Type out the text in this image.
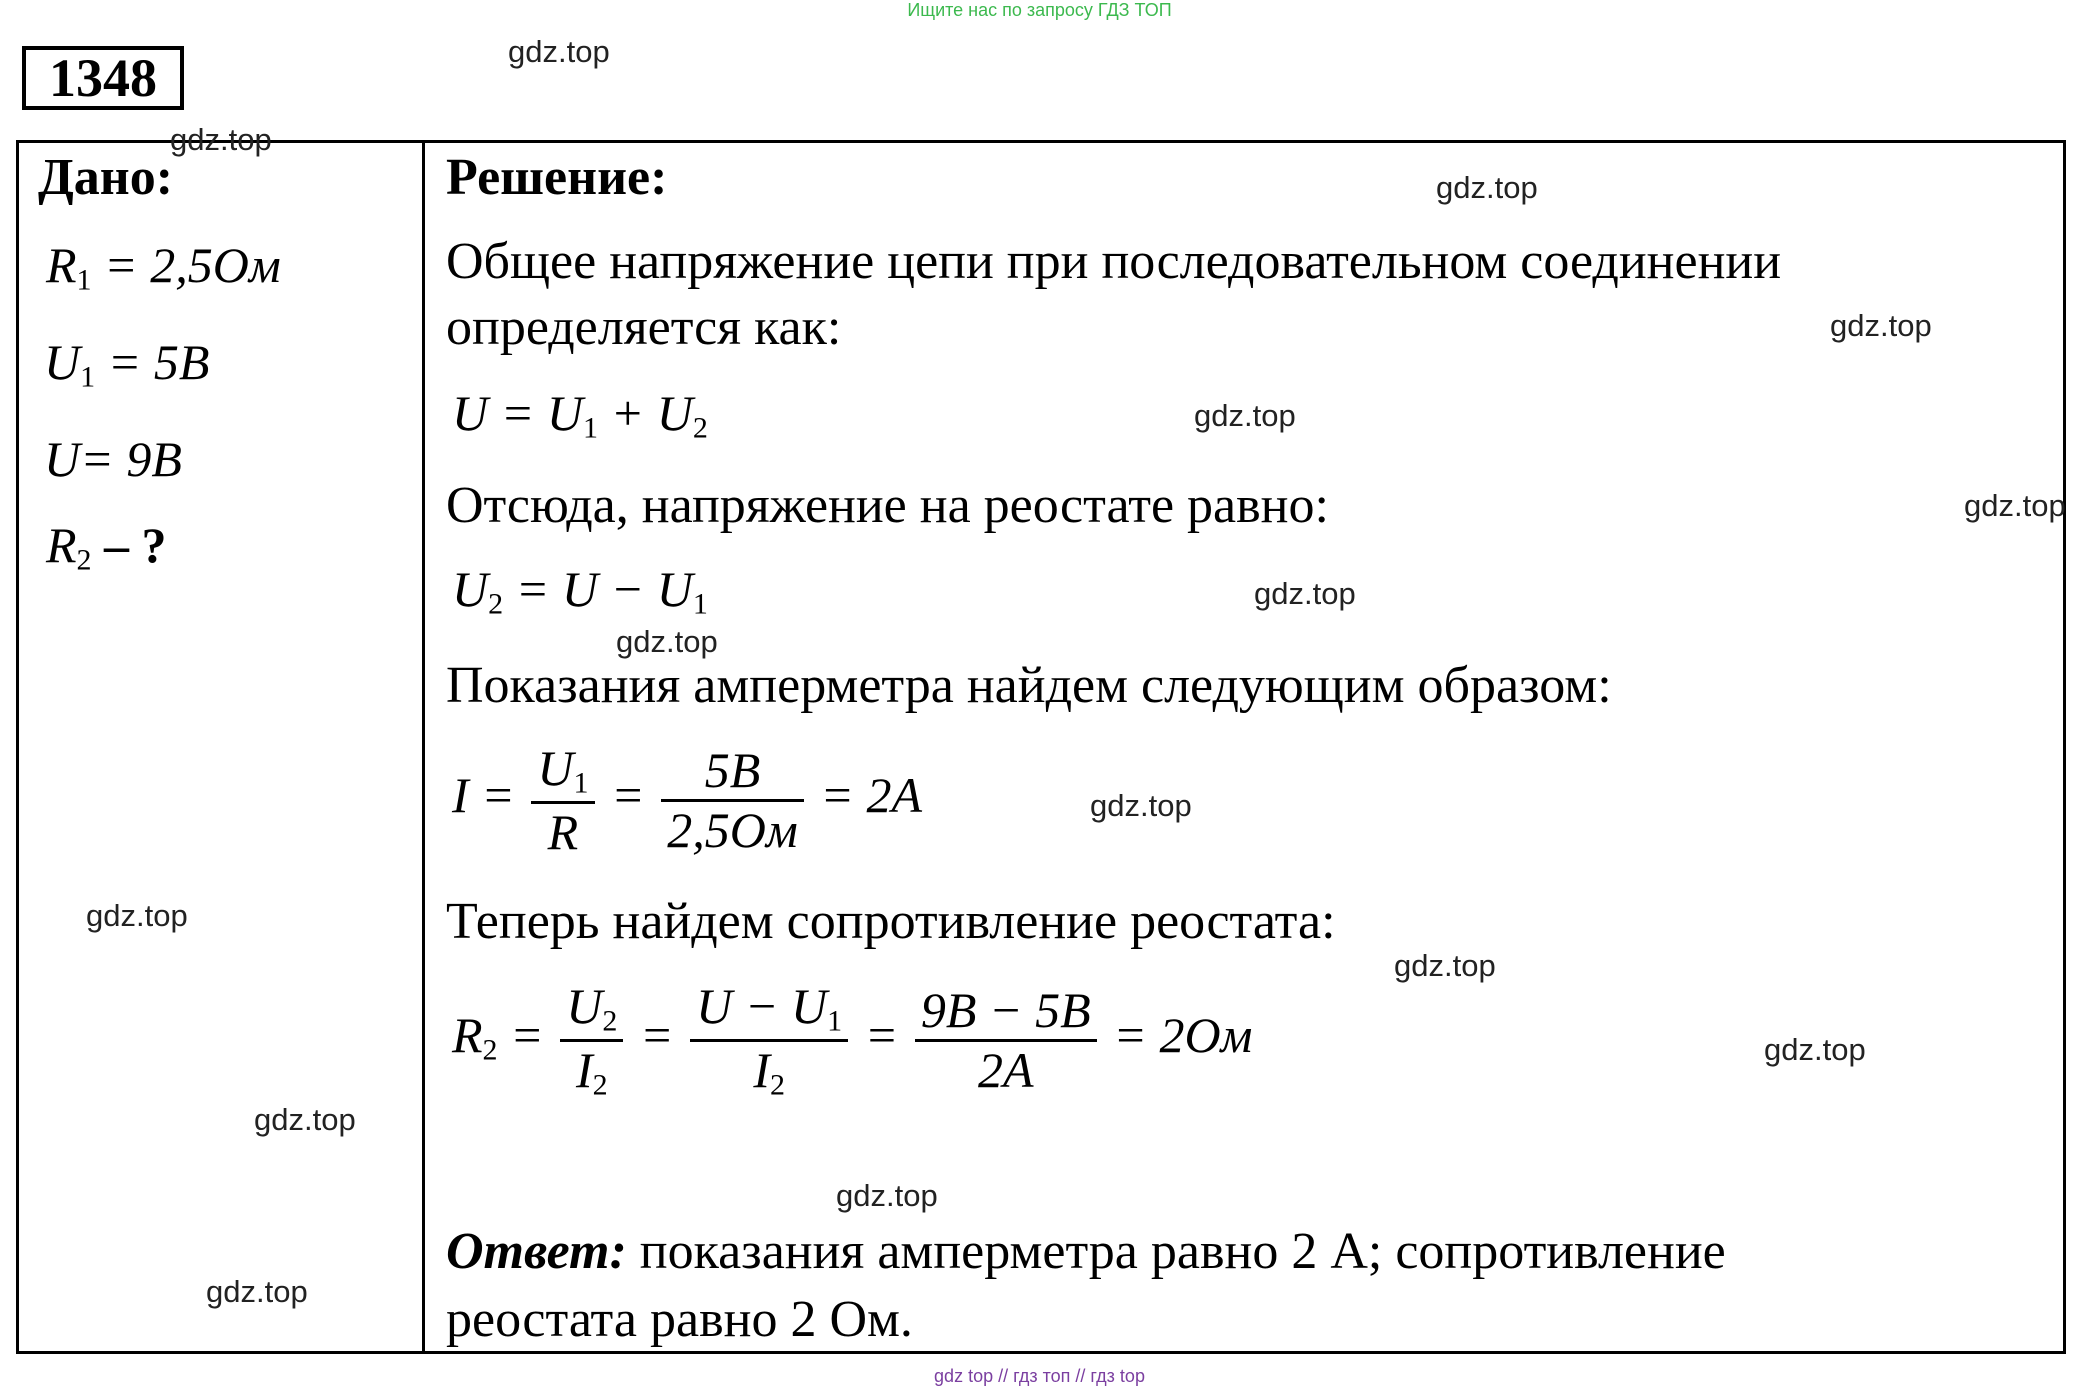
Ищите нас по запросу ГДЗ ТОП
1348
Дано:
$R_1 = 2,5Ом$
$U_1 = 5В$
U= 9В
$R_2$ – ?
Решение:
Общее напряжение цепи при последовательном соединении
определяется как:
$U = U_1 + U_2$
Отсюда, напряжение на реостате равно:
$U_2 = U - U_1$
Показания амперметра найдем следующим образом:
$I = \frac{U_1}{R} = \frac{5В}{2,5Ом} = 2А$
Теперь найдем сопротивление реостата:
$R_2 = \frac{U_2}{I_2} = \frac{U - U_1}{I_2} = \frac{9В - 5В}{2А} = 2Ом$
Ответ: показания амперметра равно 2 А; сопротивление
реостата равно 2 Ом.
gdz.top
gdz.top
gdz.top
gdz.top
gdz.top
gdz.top
gdz.top
gdz.top
gdz.top
gdz.top
gdz.top
gdz.top
gdz.top
gdz.top
gdz.top
gdz top // гдз топ // гдз top
